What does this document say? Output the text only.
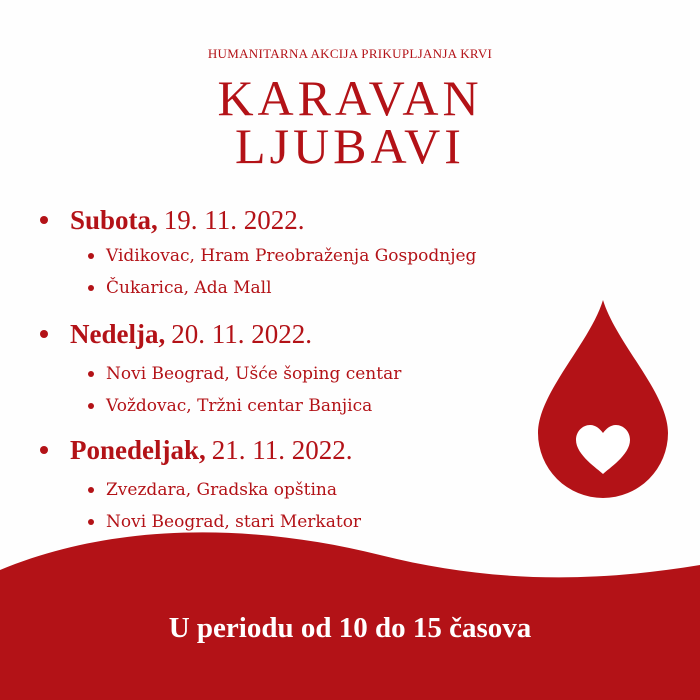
HUMANITARNA AKCIJA PRIKUPLJANJA KRVI
KARAVAN
LJUBAVI
Subota, 19. 11. 2022.
Vidikovac, Hram Preobraženja Gospodnjeg
Čukarica, Ada Mall
Nedelja, 20. 11. 2022.
Novi Beograd, Ušće šoping centar
Voždovac, Tržni centar Banjica
Ponedeljak, 21. 11. 2022.
Zvezdara, Gradska opština
Novi Beograd, stari Merkator
U periodu od 10 do 15 časova
